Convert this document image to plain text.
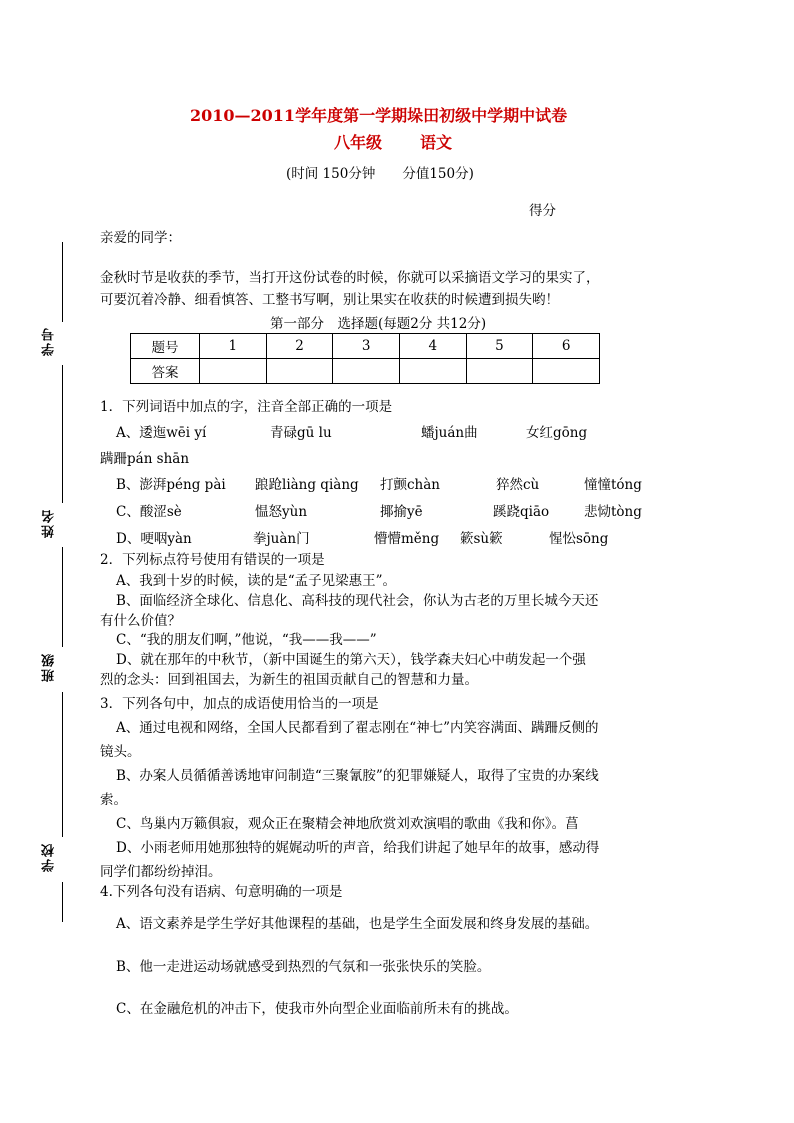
2010—2011学年度第一学期垛田初级中学期中试卷
八年级 语文
(时间 150分钟　　分值150分)
得分
学号
姓名
班级
学校
亲爱的同学：
金秋时节是收获的季节，当打开这份试卷的时候，你就可以采摘语文学习的果实了，
可要沉着冷静、细看慎答、工整书写啊，别让果实在收获的时候遭到损失哟！
第一部分　选择题(每题2分 共12分)
题号	1	2	3	4	5	6
答案						
1．下列词语中加点的字，注音全部正确的一项是
A、逶迤wēi yí	青碌gū lu	蟠juán曲	女红gōng
蹒跚pán shān
B、澎湃péng pài 踉跄liàng qiàng 打颤chàn	猝然cù	憧憧tóng
C、酸涩sè	愠怒yùn	揶揄yē	蹊跷qiāo	悲恸tòng
D、哽咽yàn	拳juàn门	懵懵měng 簌sù簌	惺忪sōng
2．下列标点符号使用有错误的一项是
A、我到十岁的时候，读的是“孟子见梁惠王”。
B、面临经济全球化、信息化、高科技的现代社会，你认为古老的万里长城今天还
有什么价值？
C、“我的朋友们啊，”他说，“我——我——”
D、就在那年的中秋节，（新中国诞生的第六天），钱学森夫妇心中萌发起一个强
烈的念头：回到祖国去，为新生的祖国贡献自己的智慧和力量。
3．下列各句中，加点的成语使用恰当的一项是
A、通过电视和网络，全国人民都看到了翟志刚在“神七”内笑容满面、蹒跚反侧的
镜头。
B、办案人员循循善诱地审问制造“三聚氰胺”的犯罪嫌疑人，取得了宝贵的办案线
索。
C、鸟巢内万籁俱寂，观众正在聚精会神地欣赏刘欢演唱的歌曲《我和你》。菖
D、小雨老师用她那独特的娓娓动听的声音，给我们讲起了她早年的故事，感动得
同学们都纷纷掉泪。
4.下列各句没有语病、句意明确的一项是
A、语文素养是学生学好其他课程的基础，也是学生全面发展和终身发展的基础。
B、他一走进运动场就感受到热烈的气氛和一张张快乐的笑脸。
C、在金融危机的冲击下，使我市外向型企业面临前所未有的挑战。
